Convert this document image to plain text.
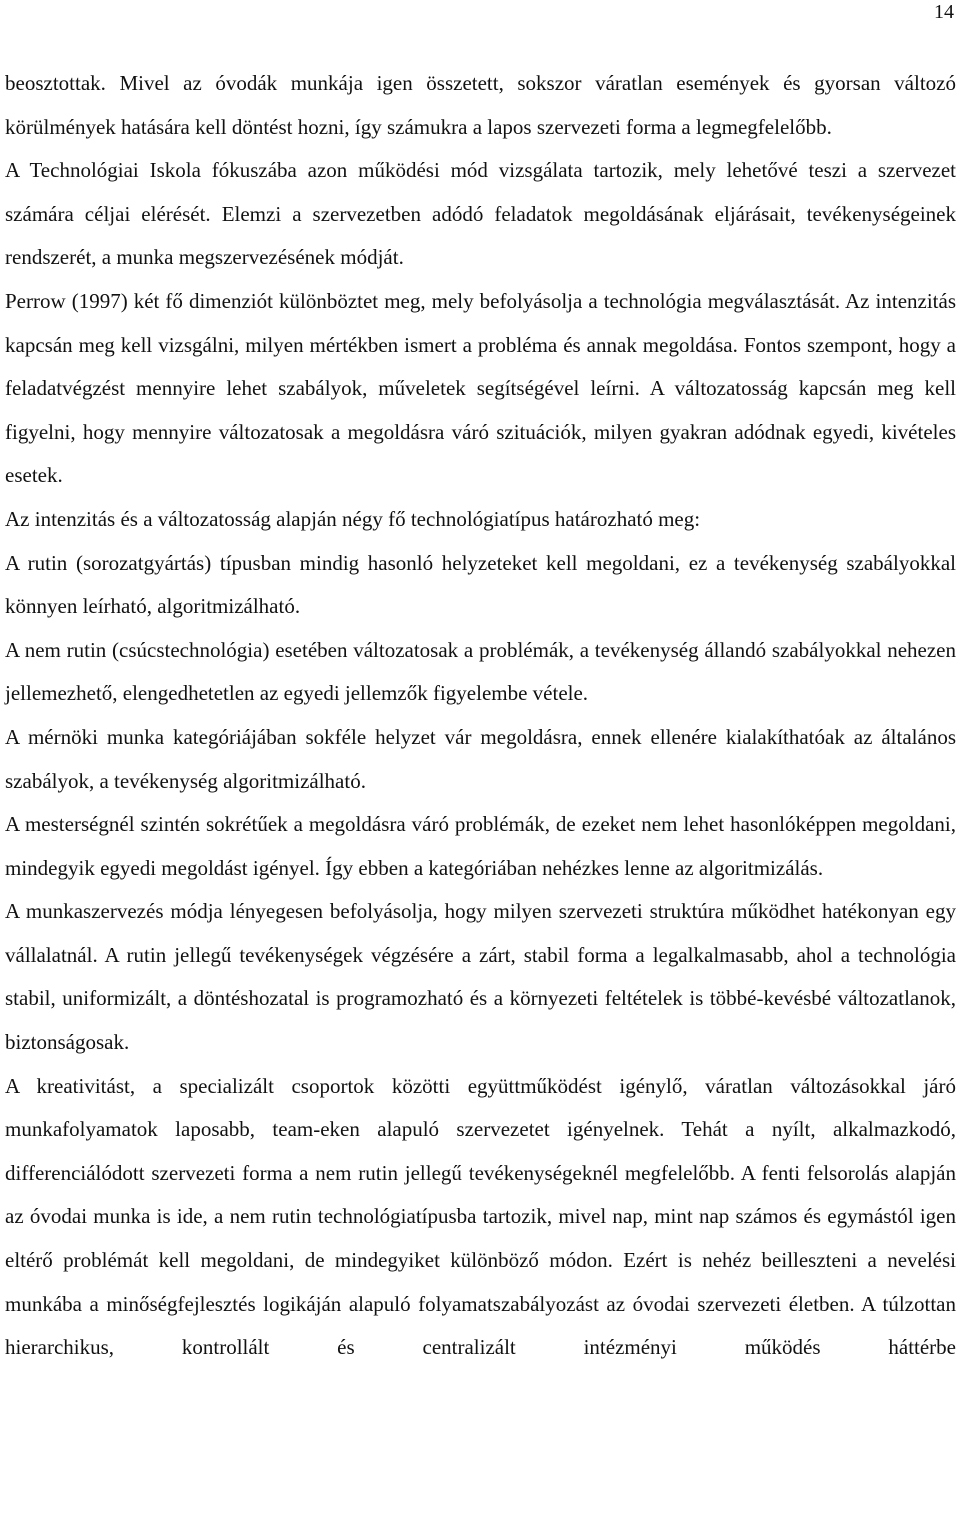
14

beosztottak. Mivel az óvodák munkája igen összetett, sokszor váratlan események és gyorsan változó körülmények hatására kell döntést hozni, így számukra a lapos szervezeti forma a legmegfelelőbb.

A Technológiai Iskola fókuszába azon működési mód vizsgálata tartozik, mely lehetővé teszi a szervezet számára céljai elérését. Elemzi a szervezetben adódó feladatok megoldásának eljárásait, tevékenységeinek rendszerét, a munka megszervezésének módját.

Perrow (1997) két fő dimenziót különböztet meg, mely befolyásolja a technológia megválasztását. Az intenzitás kapcsán meg kell vizsgálni, milyen mértékben ismert a probléma és annak megoldása. Fontos szempont, hogy a feladatvégzést mennyire lehet szabályok, műveletek segítségével leírni. A változatosság kapcsán meg kell figyelni, hogy mennyire változatosak a megoldásra váró szituációk, milyen gyakran adódnak egyedi, kivételes esetek.

Az intenzitás és a változatosság alapján négy fő technológiatípus határozható meg:

A rutin (sorozatgyártás) típusban mindig hasonló helyzeteket kell megoldani, ez a tevékenység szabályokkal könnyen leírható, algoritmizálható.

A nem rutin (csúcstechnológia) esetében változatosak a problémák, a tevékenység állandó szabályokkal nehezen jellemezhető, elengedhetetlen az egyedi jellemzők figyelembe vétele.

A mérnöki munka kategóriájában sokféle helyzet vár megoldásra, ennek ellenére kialakíthatóak az általános szabályok, a tevékenység algoritmizálható.

A mesterségnél szintén sokrétűek a megoldásra váró problémák, de ezeket nem lehet hasonlóképpen megoldani, mindegyik egyedi megoldást igényel. Így ebben a kategóriában nehézkes lenne az algoritmizálás.

A munkaszervezés módja lényegesen befolyásolja, hogy milyen szervezeti struktúra működhet hatékonyan egy vállalatnál. A rutin jellegű tevékenységek végzésére a zárt, stabil forma a legalkalmasabb, ahol a technológia stabil, uniformizált, a döntéshozatal is programozható és a környezeti feltételek is többé-kevésbé változatlanok, biztonságosak.

A kreativitást, a specializált csoportok közötti együttműködést igénylő, váratlan változásokkal járó munkafolyamatok laposabb, team-eken alapuló szervezetet igényelnek. Tehát a nyílt, alkalmazkodó, differenciálódott szervezeti forma a nem rutin jellegű tevékenységeknél megfelelőbb. A fenti felsorolás alapján az óvodai munka is ide, a nem rutin technológiatípusba tartozik, mivel nap, mint nap számos és egymástól igen eltérő problémát kell megoldani, de mindegyiket különböző módon. Ezért is nehéz beilleszteni a nevelési munkába a minőségfejlesztés logikáján alapuló folyamatszabályozást az óvodai szervezeti életben. A túlzottan hierarchikus, kontrollált és centralizált intézményi működés háttérbe
